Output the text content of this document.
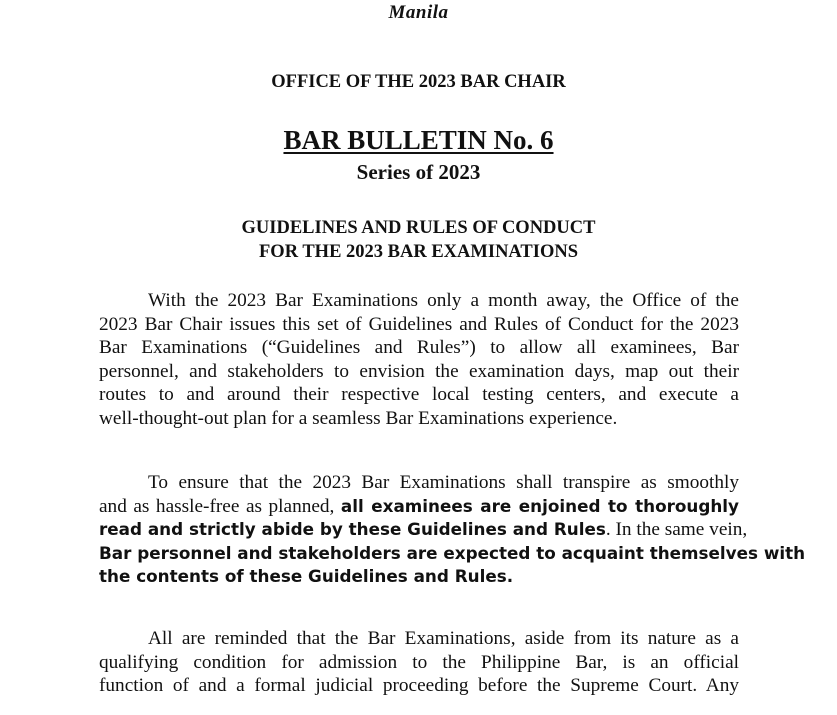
Manila
OFFICE OF THE 2023 BAR CHAIR
BAR BULLETIN No. 6
Series of 2023
GUIDELINES AND RULES OF CONDUCT
FOR THE 2023 BAR EXAMINATIONS
With the 2023 Bar Examinations only a month away, the Office of the
2023 Bar Chair issues this set of Guidelines and Rules of Conduct for the 2023
Bar Examinations (“Guidelines and Rules”) to allow all examinees, Bar
personnel, and stakeholders to envision the examination days, map out their
routes to and around their respective local testing centers, and execute a
well-thought-out plan for a seamless Bar Examinations experience.
To ensure that the 2023 Bar Examinations shall transpire as smoothly
and as hassle-free as planned, all examinees are enjoined to thoroughly
read and strictly abide by these Guidelines and Rules. In the same vein,
Bar personnel and stakeholders are expected to acquaint themselves with
the contents of these Guidelines and Rules.
All are reminded that the Bar Examinations, aside from its nature as a
qualifying condition for admission to the Philippine Bar, is an official
function of and a formal judicial proceeding before the Supreme Court. Any
